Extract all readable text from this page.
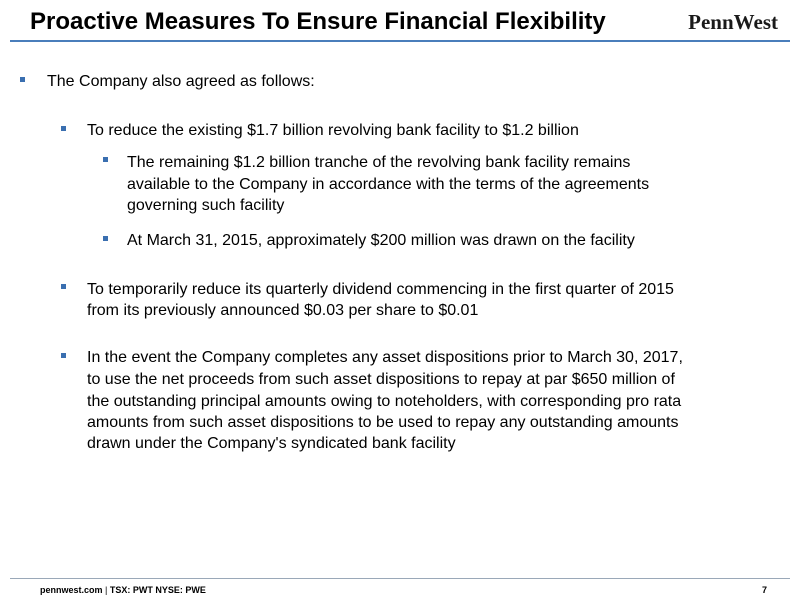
Proactive Measures To Ensure Financial Flexibility	PennWest
The Company also agreed as follows:
To reduce the existing $1.7 billion revolving bank facility to $1.2 billion
The remaining $1.2 billion tranche of the revolving bank facility remains
available to the Company in accordance with the terms of the agreements
governing such facility
At March 31, 2015, approximately $200 million was drawn on the facility
To temporarily reduce its quarterly dividend commencing in the first quarter of 2015
from its previously announced $0.03 per share to $0.01
In the event the Company completes any asset dispositions prior to March 30, 2017,
to use the net proceeds from such asset dispositions to repay at par $650 million of
the outstanding principal amounts owing to noteholders, with corresponding pro rata
amounts from such asset dispositions to be used to repay any outstanding amounts
drawn under the Company's syndicated bank facility
pennwest.com | TSX: PWT NYSE: PWE	7
